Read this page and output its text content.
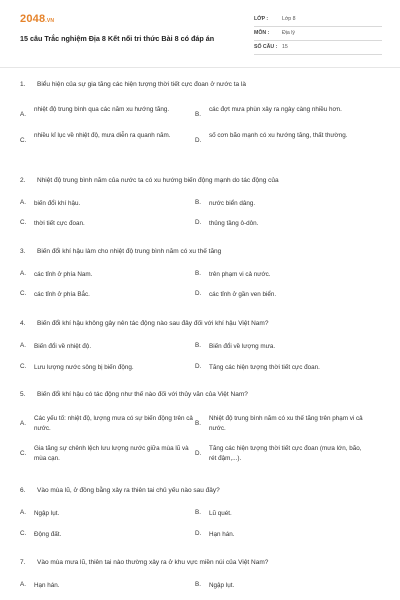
2048.VN
15 câu Trắc nghiệm Địa 8 Kết nối tri thức Bài 8 có đáp án
LỚP :	Lớp 8
MÔN : Địa lý
SỐ CÂU : 15
1. Biểu hiện của sự gia tăng các hiện tượng thời tiết cực đoan ở nước ta là
A.
nhiệt độ trung bình qua các năm xu hướng tăng.
B.
các đợt mưa phùn xảy ra ngày càng nhiều hơn.
C.
nhiều kỉ lục về nhiệt độ, mưa diễn ra quanh năm.
D.
số cơn bão mạnh có xu hướng tăng, thất thường.
2. Nhiệt độ trung bình năm của nước ta có xu hướng biến động mạnh do tác động của
A. biến đổi khí hậu.	B. nước biển dâng.
C. thời tiết cực đoan.	D. thủng tầng ô-dôn.
3. Biến đổi khí hậu làm cho nhiệt độ trung bình năm có xu thế tăng
A. các tỉnh ở phía Nam.	B. trên phạm vi cả nước.
C. các tỉnh ở phía Bắc.	D. các tỉnh ở gần ven biển.
4. Biến đổi khí hậu không gây nên tác động nào sau đây đối với khí hậu Việt Nam?
A. Biến đổi về nhiệt độ.	B. Biến đổi về lượng mưa.
C. Lưu lượng nước sông bị biến động.	D. Tăng các hiện tượng thời tiết cực đoan.
5. Biến đổi khí hậu có tác động như thế nào đối với thủy văn của Việt Nam?
A.
Các yếu tố: nhiệt độ, lượng mưa có sự biến động trên cả nước.
B.
Nhiệt độ trung bình năm có xu thế tăng trên phạm vi cả nước.
C.
Gia tăng sự chênh lệch lưu lượng nước giữa mùa lũ và mùa cạn.
D.
Tăng các hiện tượng thời tiết cực đoan (mưa lớn, bão, rét đậm,...).
6. Vào mùa lũ, ở đồng bằng xảy ra thiên tai chủ yếu nào sau đây?
A. Ngập lụt.	B. Lũ quét.
C. Động đất.	D. Hạn hán.
7. Vào mùa mưa lũ, thiên tai nào thường xảy ra ở khu vực miền núi của Việt Nam?
A. Hạn hán.	B. Ngập lụt.
